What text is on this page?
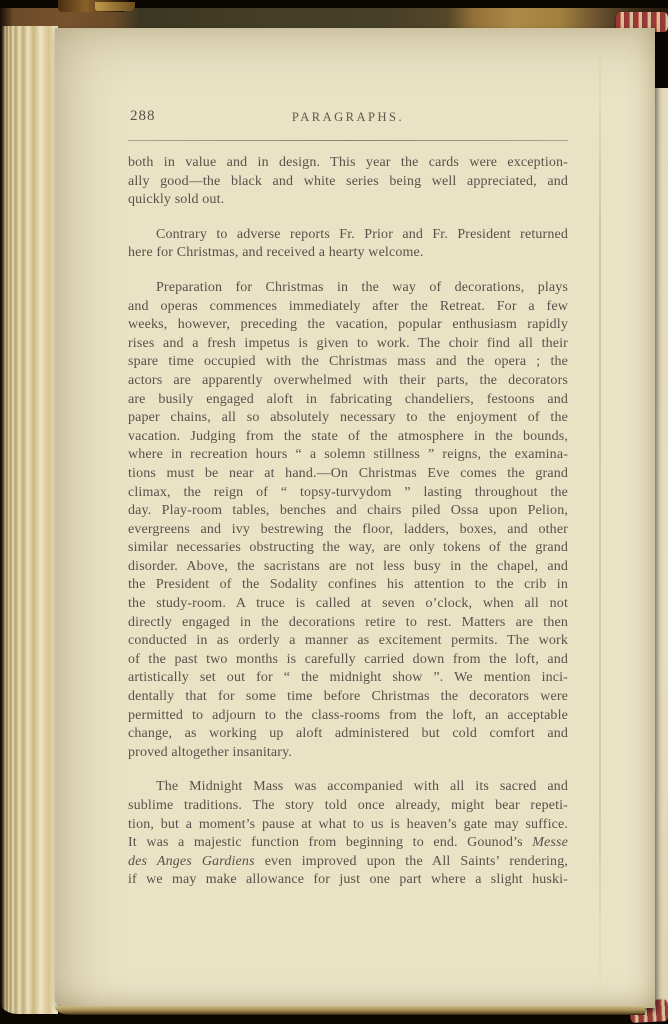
288	PARAGRAPHS.
both in value and in design. This year the cards were exception-
ally good—the black and white series being well appreciated, and
quickly sold out.
Contrary to adverse reports Fr. Prior and Fr. President returned
here for Christmas, and received a hearty welcome.
Preparation for Christmas in the way of decorations, plays
and operas commences immediately after the Retreat. For a few
weeks, however, preceding the vacation, popular enthusiasm rapidly
rises and a fresh impetus is given to work. The choir find all their
spare time occupied with the Christmas mass and the opera ; the
actors are apparently overwhelmed with their parts, the decorators
are busily engaged aloft in fabricating chandeliers, festoons and
paper chains, all so absolutely necessary to the enjoyment of the
vacation. Judging from the state of the atmosphere in the bounds,
where in recreation hours “ a solemn stillness ” reigns, the examina-
tions must be near at hand.—On Christmas Eve comes the grand
climax, the reign of “ topsy-turvydom ” lasting throughout the
day. Play-room tables, benches and chairs piled Ossa upon Pelion,
evergreens and ivy bestrewing the floor, ladders, boxes, and other
similar necessaries obstructing the way, are only tokens of the grand
disorder. Above, the sacristans are not less busy in the chapel, and
the President of the Sodality confines his attention to the crib in
the study-room. A truce is called at seven o’clock, when all not
directly engaged in the decorations retire to rest. Matters are then
conducted in as orderly a manner as excitement permits. The work
of the past two months is carefully carried down from the loft, and
artistically set out for “ the midnight show ”. We mention inci-
dentally that for some time before Christmas the decorators were
permitted to adjourn to the class-rooms from the loft, an acceptable
change, as working up aloft administered but cold comfort and
proved altogether insanitary.
The Midnight Mass was accompanied with all its sacred and
sublime traditions. The story told once already, might bear repeti-
tion, but a moment’s pause at what to us is heaven’s gate may suffice.
It was a majestic function from beginning to end. Gounod’s Messe
des Anges Gardiens even improved upon the All Saints’ rendering,
if we may make allowance for just one part where a slight huski-
